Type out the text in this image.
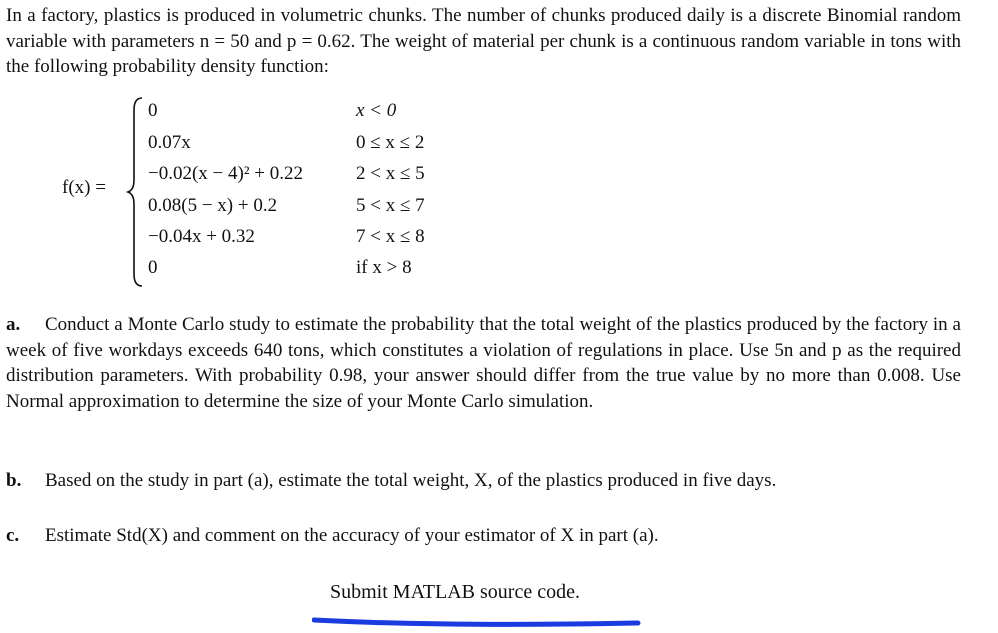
In a factory, plastics is produced in volumetric chunks. The number of chunks produced daily is a discrete Binomial random variable with parameters n = 50 and p = 0.62. The weight of material per chunk is a continuous random variable in tons with the following probability density function:
f(x) =
0	x < 0
0.07x	0 ≤ x ≤ 2
−0.02(x − 4)² + 0.22	2 < x ≤ 5
0.08(5 − x) + 0.2	5 < x ≤ 7
−0.04x + 0.32	7 < x ≤ 8
0	if x > 8
a. Conduct a Monte Carlo study to estimate the probability that the total weight of the plastics produced by the factory in a week of five workdays exceeds 640 tons, which constitutes a violation of regulations in place. Use 5n and p as the required distribution parameters. With probability 0.98, your answer should differ from the true value by no more than 0.008. Use Normal approximation to determine the size of your Monte Carlo simulation.
b. Based on the study in part (a), estimate the total weight, X, of the plastics produced in five days.
c. Estimate Std(X) and comment on the accuracy of your estimator of X in part (a).
Submit MATLAB source code.
